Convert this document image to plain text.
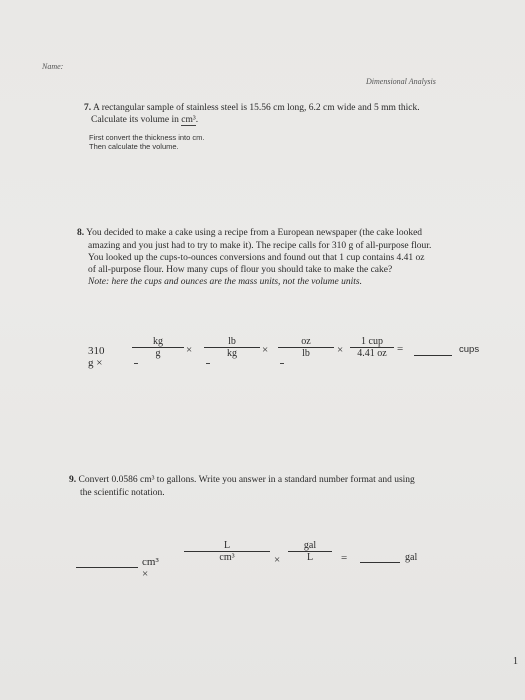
Name:
Dimensional Analysis
7. A rectangular sample of stainless steel is 15.56 cm long, 6.2 cm wide and 5 mm thick.
Calculate its volume in cm³.
First convert the thickness into cm.
Then calculate the volume.
8. You decided to make a cake using a recipe from a European newspaper (the cake looked
amazing and you just had to try to make it). The recipe calls for 310 g of all-purpose flour.
You looked up the cups-to-ounces conversions and found out that 1 cup contains 4.41 oz
of all-purpose flour. How many cups of flour you should take to make the cake?
Note: here the cups and ounces are the mass units, not the volume units.
310 g ×
$\frac{kg}{g} \times \frac{lb}{kg} \times \frac{oz}{lb}$ ×
1 cup
4.41 oz =	cups
9. Convert 0.0586 cm³ to gallons. Write you answer in a standard number format and using
the scientific notation.
cm³ ×
$\frac{L}{\text{cm³}}$ ×
gal
L	=	gal
1
